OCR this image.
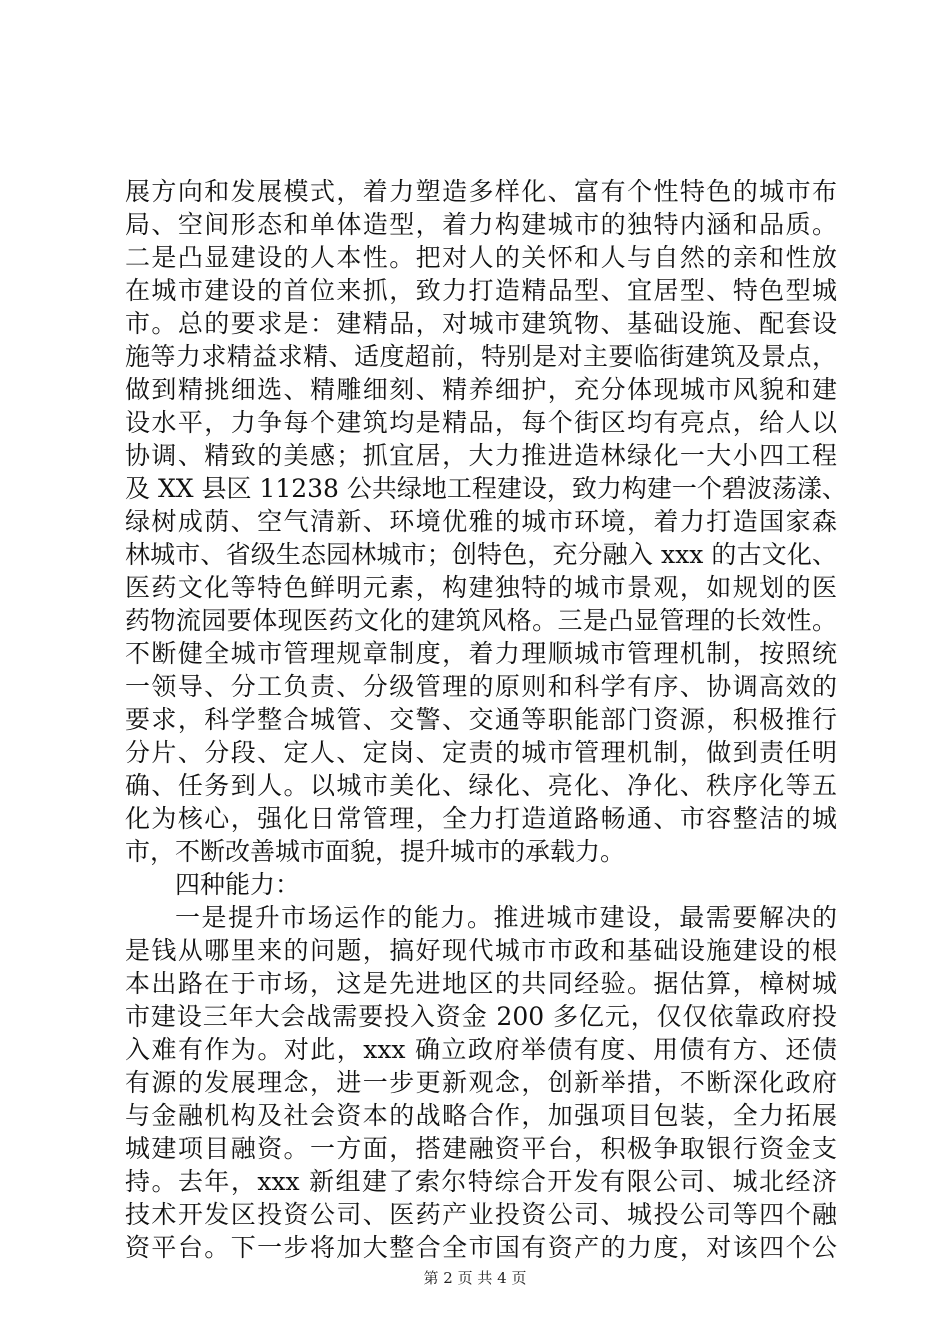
展方向和发展模式，着力塑造多样化、富有个性特色的城市布
局、空间形态和单体造型，着力构建城市的独特内涵和品质。
二是凸显建设的人本性。把对人的关怀和人与自然的亲和性放
在城市建设的首位来抓，致力打造精品型、宜居型、特色型城
市。总的要求是：建精品，对城市建筑物、基础设施、配套设
施等力求精益求精、适度超前，特别是对主要临街建筑及景点，
做到精挑细选、精雕细刻、精养细护，充分体现城市风貌和建
设水平，力争每个建筑均是精品，每个街区均有亮点，给人以
协调、精致的美感；抓宜居，大力推进造林绿化一大小四工程
及 XX 县区 11238 公共绿地工程建设，致力构建一个碧波荡漾、
绿树成荫、空气清新、环境优雅的城市环境，着力打造国家森
林城市、省级生态园林城市；创特色，充分融入 xxx 的古文化、
医药文化等特色鲜明元素，构建独特的城市景观，如规划的医
药物流园要体现医药文化的建筑风格。三是凸显管理的长效性。
不断健全城市管理规章制度，着力理顺城市管理机制，按照统
一领导、分工负责、分级管理的原则和科学有序、协调高效的
要求，科学整合城管、交警、交通等职能部门资源，积极推行
分片、分段、定人、定岗、定责的城市管理机制，做到责任明
确、任务到人。以城市美化、绿化、亮化、净化、秩序化等五
化为核心，强化日常管理，全力打造道路畅通、市容整洁的城
市，不断改善城市面貌，提升城市的承载力。
四种能力：
一是提升市场运作的能力。推进城市建设，最需要解决的
是钱从哪里来的问题，搞好现代城市市政和基础设施建设的根
本出路在于市场，这是先进地区的共同经验。据估算，樟树城
市建设三年大会战需要投入资金 200 多亿元，仅仅依靠政府投
入难有作为。对此，xxx 确立政府举债有度、用债有方、还债
有源的发展理念，进一步更新观念，创新举措，不断深化政府
与金融机构及社会资本的战略合作，加强项目包装，全力拓展
城建项目融资。一方面，搭建融资平台，积极争取银行资金支
持。去年，xxx 新组建了索尔特综合开发有限公司、城北经济
技术开发区投资公司、医药产业投资公司、城投公司等四个融
资平台。下一步将加大整合全市国有资产的力度，对该四个公
第 2 页 共 4 页
